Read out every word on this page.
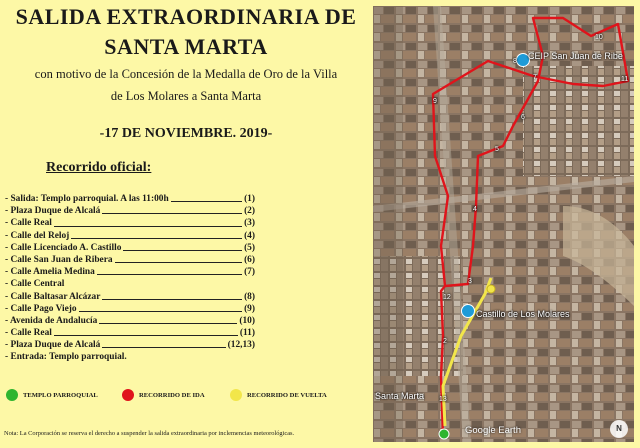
SALIDA EXTRAORDINARIA DE
SANTA MARTA
con motivo de la Concesión de la Medalla de Oro de la Villa
de Los Molares a Santa Marta
-17 DE NOVIEMBRE. 2019-
Recorrido oficial:
- Salida: Templo parroquial. A las 11:00h	(1)
- Plaza Duque de Alcalá	(2)
- Calle Real	(3)
- Calle del Reloj	(4)
- Calle Licenciado A. Castillo	(5)
- Calle San Juan de Ribera	(6)
- Calle Amelia Medina	(7)
- Calle Central
- Calle Baltasar Alcázar	(8)
- Calle Pago Viejo	(9)
- Avenida de Andalucía	(10)
- Calle Real	(11)
- Plaza Duque de Alcalá	(12,13)
- Entrada: Templo parroquial.
TEMPLO PARROQUIAL	RECORRIDO DE IDA	RECORRIDO DE VUELTA
Nota: La Corporación se reserva el derecho a suspender la salida extraordinaria por inclemencias meteorológicas.
CEIP San Juan de Ribe
Castillo de Los Molares
Santa Marta
Google Earth	N
2
3
4
5
6
7
8
9
10
11
12
13
